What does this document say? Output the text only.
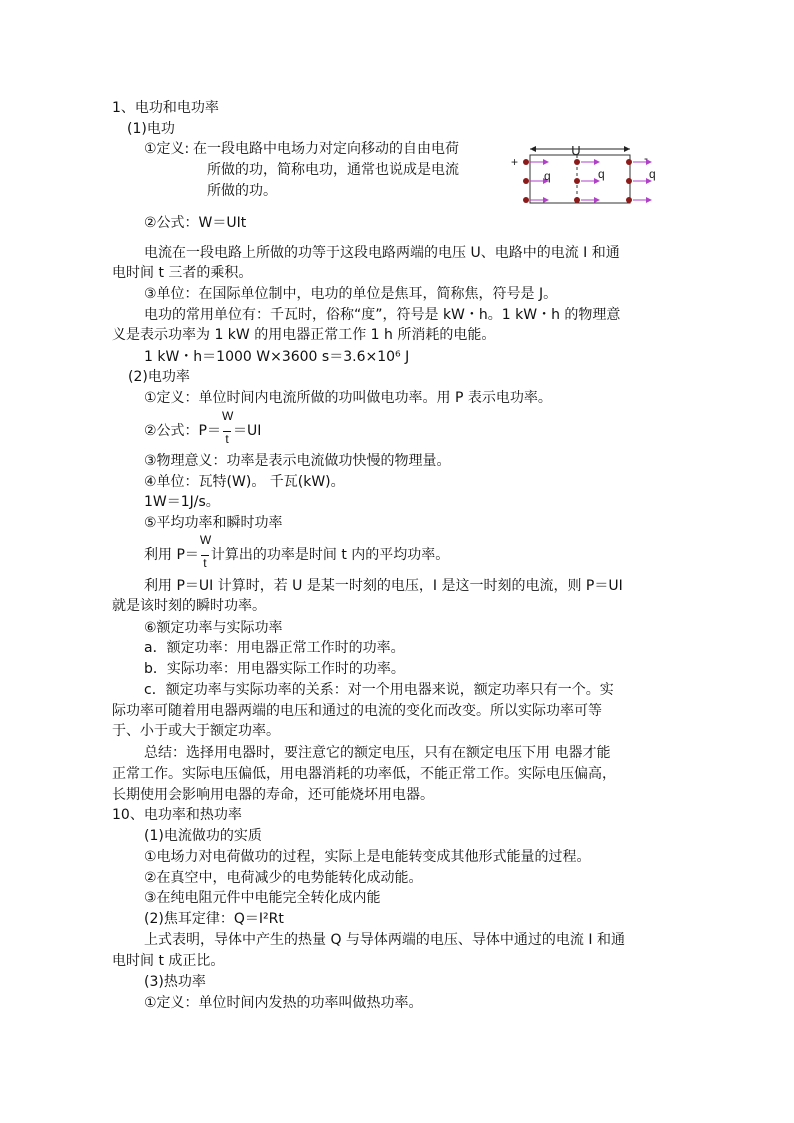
1、电功和电功率

(1)电功

①定义: 在一段电路中电场力对定向移动的自由电荷

所做的功，简称电功，通常也说成是电流

所做的功。

U
+	-
q	q	q

②公式：W＝UIt

电流在一段电路上所做的功等于这段电路两端的电压 U、电路中的电流 I 和通

电时间 t 三者的乘积。

③单位：在国际单位制中，电功的单位是焦耳，简称焦，符号是 J。

电功的常用单位有：千瓦时，俗称“度”，符号是 kW・h。1 kW・h 的物理意

义是表示功率为 1 kW 的用电器正常工作 1 h 所消耗的电能。

1 kW・h＝1000 W×3600 s＝3.6×10⁶ J

(2)电功率

①定义：单位时间内电流所做的功叫做电功率。用 P 表示电功率。

②公式：$P= \frac{W}{t} =UI$

③物理意义：功率是表示电流做功快慢的物理量。

④单位：瓦特(W)。 千瓦(kW)。

1W＝1J/s。

⑤平均功率和瞬时功率

利用 $P= \frac{W}{t}$ 计算出的功率是时间 t 内的平均功率。

利用 P＝UI 计算时，若 U 是某一时刻的电压，I 是这一时刻的电流，则 P＝UI

就是该时刻的瞬时功率。

⑥额定功率与实际功率

a．额定功率：用电器正常工作时的功率。

b．实际功率：用电器实际工作时的功率。

c．额定功率与实际功率的关系：对一个用电器来说，额定功率只有一个。实

际功率可随着用电器两端的电压和通过的电流的变化而改变。所以实际功率可等

于、小于或大于额定功率。

总结：选择用电器时，要注意它的额定电压，只有在额定电压下用 电器才能

正常工作。实际电压偏低，用电器消耗的功率低，不能正常工作。实际电压偏高，

长期使用会影响用电器的寿命，还可能烧坏用电器。

10、电功率和热功率

(1)电流做功的实质

①电场力对电荷做功的过程，实际上是电能转变成其他形式能量的过程。

②在真空中，电荷减少的电势能转化成动能。

③在纯电阻元件中电能完全转化成内能

(2)焦耳定律：Q＝I²Rt

上式表明，导体中产生的热量 Q 与导体两端的电压、导体中通过的电流 I 和通

电时间 t 成正比。

(3)热功率

①定义：单位时间内发热的功率叫做热功率。
